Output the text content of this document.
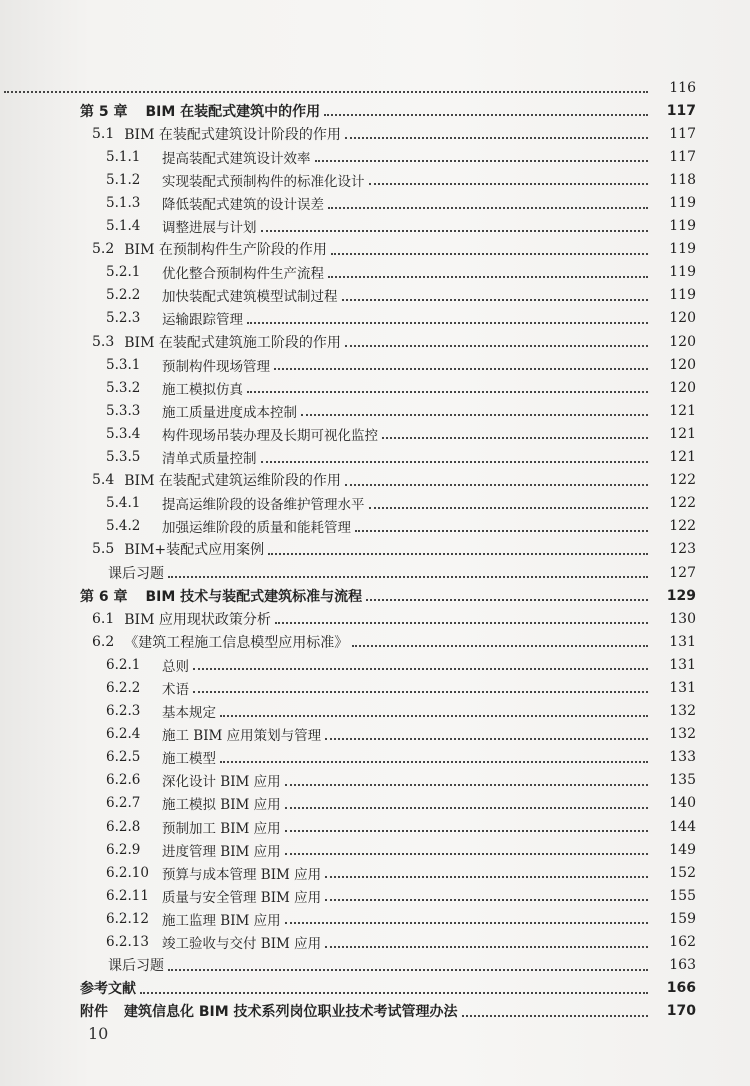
116
第 5 章 BIM 在装配式建筑中的作用	117
5.1 BIM 在装配式建筑设计阶段的作用	117
5.1.1	提高装配式建筑设计效率	117
5.1.2	实现装配式预制构件的标准化设计	118
5.1.3	降低装配式建筑的设计误差	119
5.1.4	调整进展与计划	119
5.2 BIM 在预制构件生产阶段的作用	119
5.2.1	优化整合预制构件生产流程	119
5.2.2	加快装配式建筑模型试制过程	119
5.2.3	运输跟踪管理	120
5.3 BIM 在装配式建筑施工阶段的作用	120
5.3.1	预制构件现场管理	120
5.3.2	施工模拟仿真	120
5.3.3	施工质量进度成本控制	121
5.3.4	构件现场吊装办理及长期可视化监控	121
5.3.5	清单式质量控制	121
5.4 BIM 在装配式建筑运维阶段的作用	122
5.4.1	提高运维阶段的设备维护管理水平	122
5.4.2	加强运维阶段的质量和能耗管理	122
5.5 BIM+装配式应用案例	123
课后习题	127
第 6 章 BIM 技术与装配式建筑标准与流程	129
6.1 BIM 应用现状政策分析	130
6.2 《建筑工程施工信息模型应用标准》	131
6.2.1	总则	131
6.2.2	术语	131
6.2.3	基本规定	132
6.2.4	施工 BIM 应用策划与管理	132
6.2.5	施工模型	133
6.2.6	深化设计 BIM 应用	135
6.2.7	施工模拟 BIM 应用	140
6.2.8	预制加工 BIM 应用	144
6.2.9	进度管理 BIM 应用	149
6.2.10 预算与成本管理 BIM 应用	152
6.2.11 质量与安全管理 BIM 应用	155
6.2.12 施工监理 BIM 应用	159
6.2.13 竣工验收与交付 BIM 应用	162
课后习题	163
参考文献	166
附件 建筑信息化 BIM 技术系列岗位职业技术考试管理办法	170
10
